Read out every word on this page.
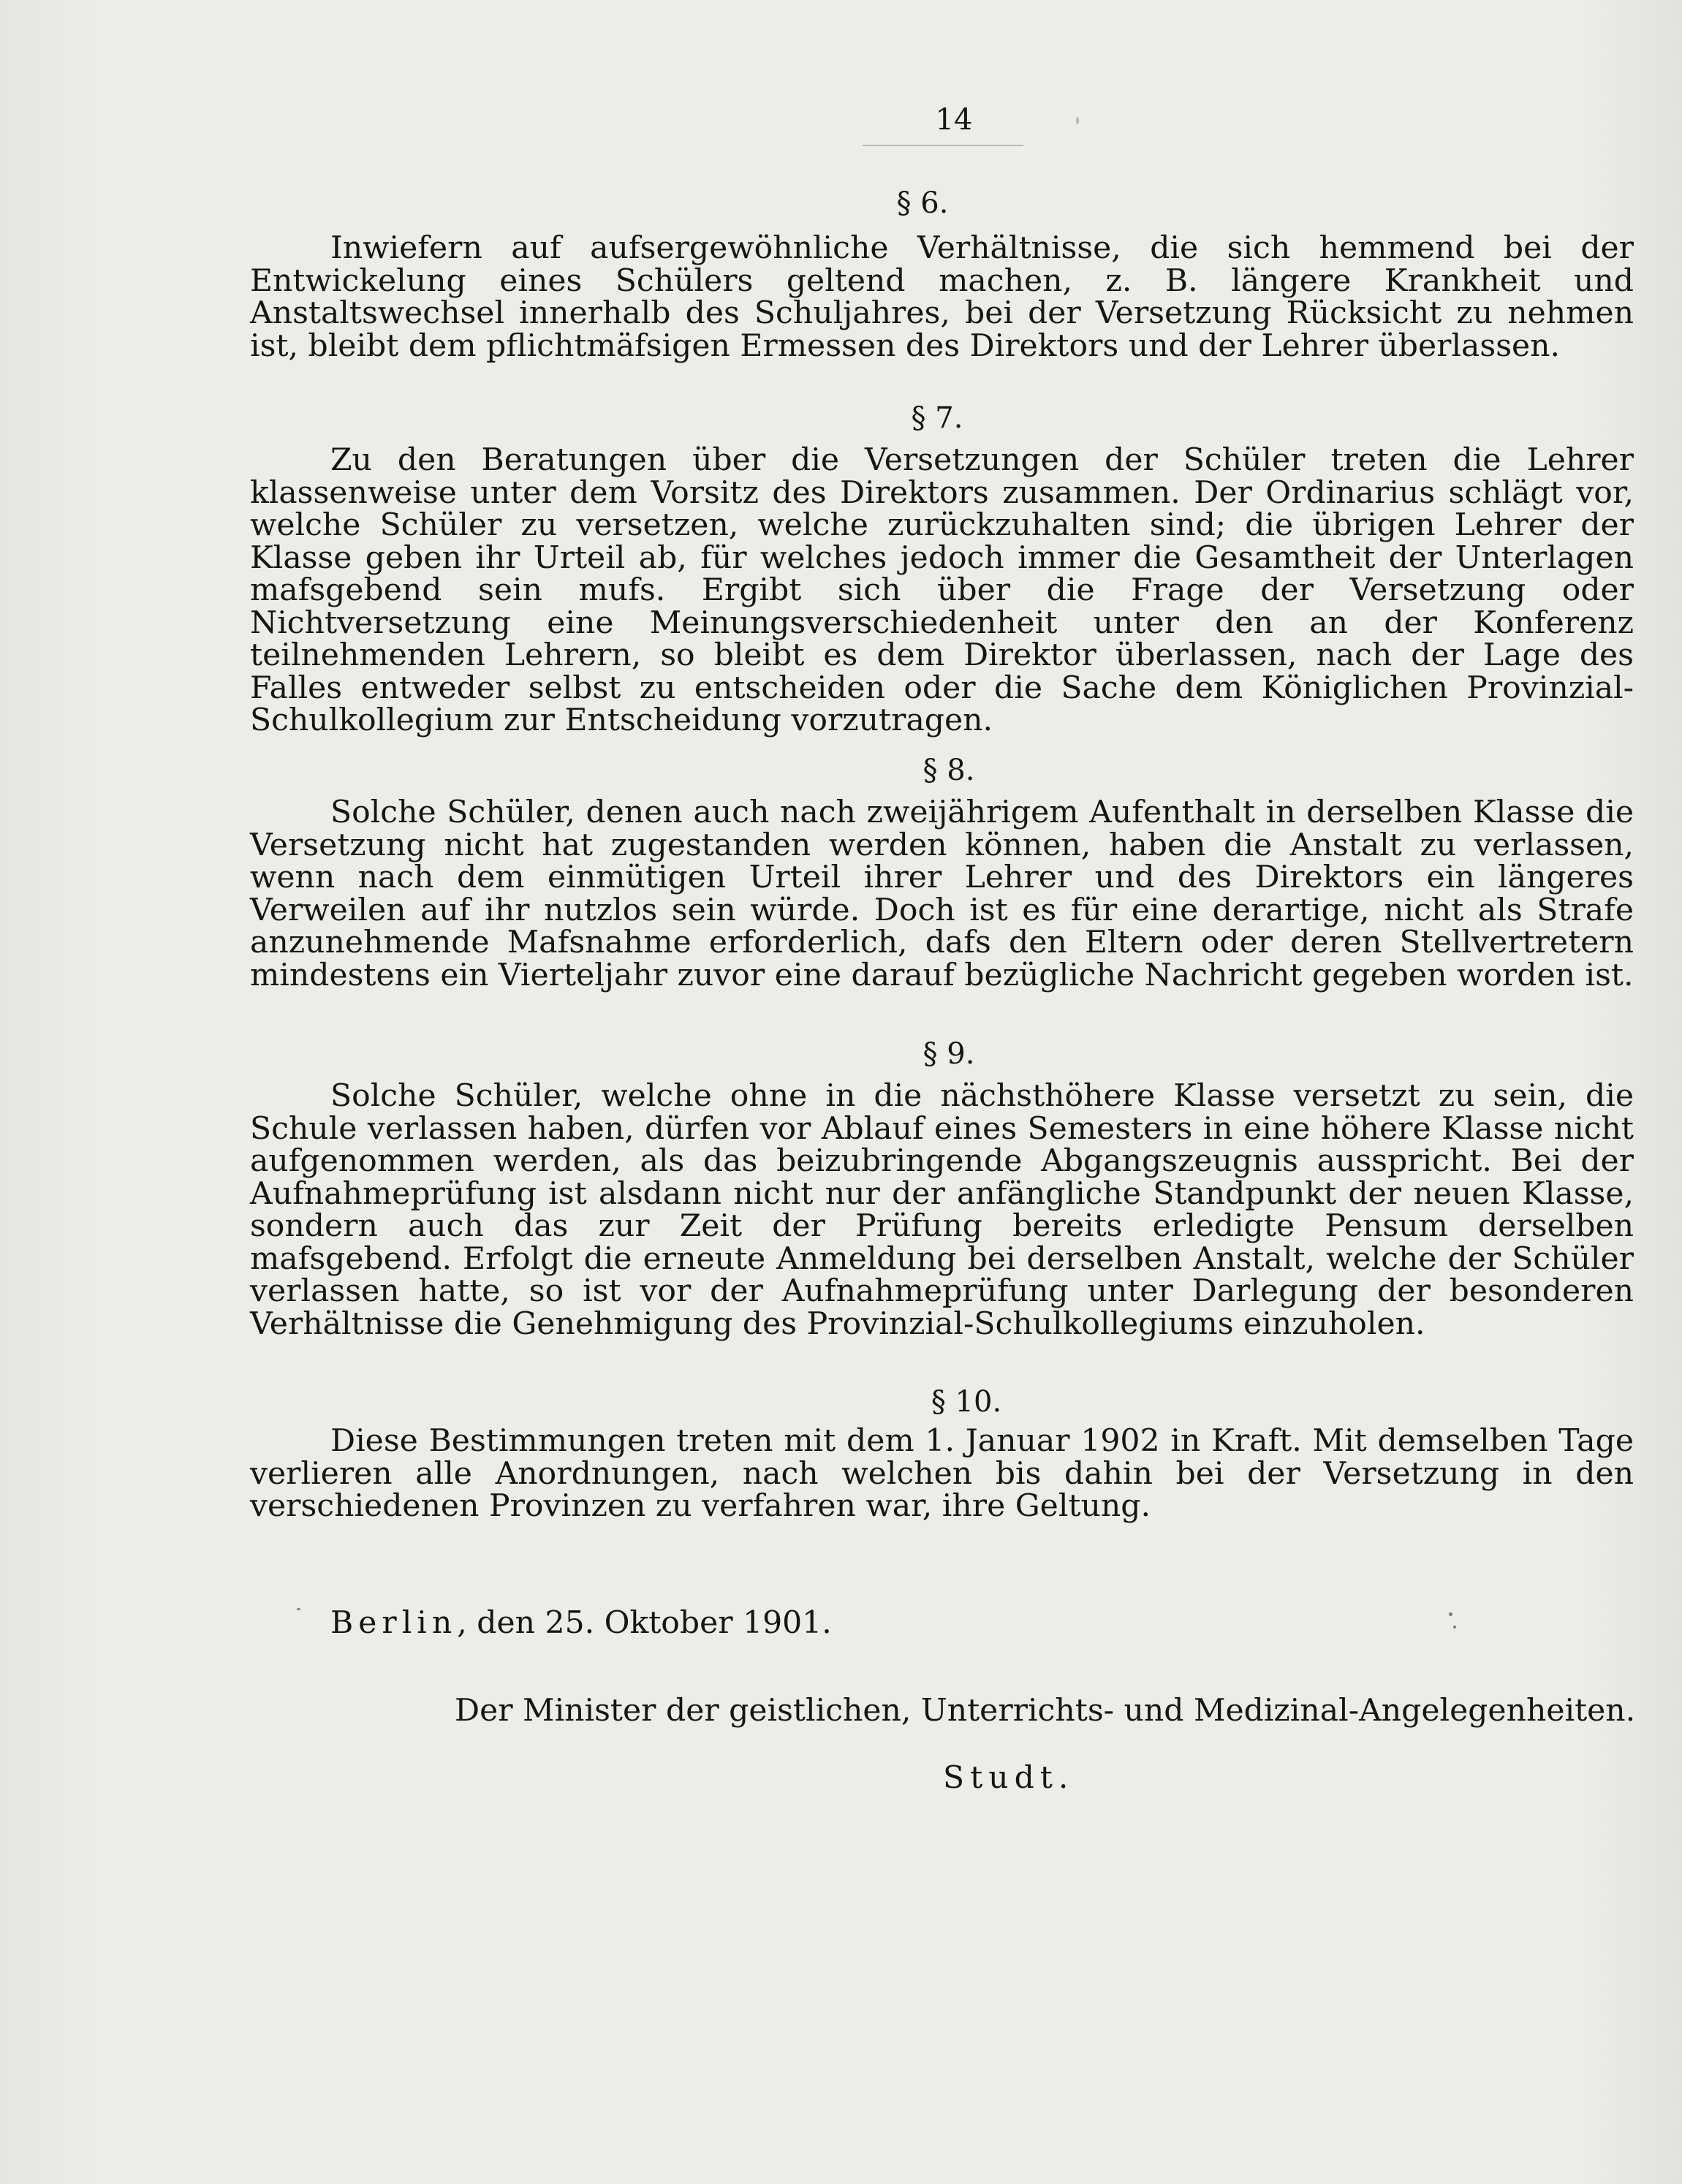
14
§ 6.
Inwiefern auf aufsergewöhnliche Verhältnisse, die sich hemmend bei der Entwickelung eines Schülers geltend machen, z. B. längere Krankheit und Anstaltswechsel innerhalb des Schuljahres, bei der Versetzung Rücksicht zu nehmen ist, bleibt dem pflichtmäfsigen Ermessen des Direktors und der Lehrer überlassen.
§ 7.
Zu den Beratungen über die Versetzungen der Schüler treten die Lehrer klassenweise unter dem Vorsitz des Direktors zusammen. Der Ordinarius schlägt vor, welche Schüler zu versetzen, welche zurückzuhalten sind; die übrigen Lehrer der Klasse geben ihr Urteil ab, für welches jedoch immer die Gesamtheit der Unterlagen mafsgebend sein mufs. Ergibt sich über die Frage der Versetzung oder Nichtversetzung eine Meinungsverschiedenheit unter den an der Konferenz teilnehmenden Lehrern, so bleibt es dem Direktor überlassen, nach der Lage des Falles entweder selbst zu entscheiden oder die Sache dem Königlichen Provinzial-Schulkollegium zur Entscheidung vorzutragen.
§ 8.
Solche Schüler, denen auch nach zweijährigem Aufenthalt in derselben Klasse die Versetzung nicht hat zugestanden werden können, haben die Anstalt zu verlassen, wenn nach dem einmütigen Urteil ihrer Lehrer und des Direktors ein längeres Verweilen auf ihr nutzlos sein würde. Doch ist es für eine derartige, nicht als Strafe anzunehmende Mafsnahme erforderlich, dafs den Eltern oder deren Stellvertretern mindestens ein Vierteljahr zuvor eine darauf bezügliche Nachricht gegeben worden ist.
§ 9.
Solche Schüler, welche ohne in die nächsthöhere Klasse versetzt zu sein, die Schule verlassen haben, dürfen vor Ablauf eines Semesters in eine höhere Klasse nicht aufgenommen werden, als das beizubringende Abgangszeugnis ausspricht. Bei der Aufnahmeprüfung ist alsdann nicht nur der anfängliche Standpunkt der neuen Klasse, sondern auch das zur Zeit der Prüfung bereits erledigte Pensum derselben mafsgebend. Erfolgt die erneute Anmeldung bei derselben Anstalt, welche der Schüler verlassen hatte, so ist vor der Aufnahmeprüfung unter Darlegung der besonderen Verhältnisse die Genehmigung des Provinzial-Schulkollegiums einzuholen.
§ 10.
Diese Bestimmungen treten mit dem 1. Januar 1902 in Kraft. Mit demselben Tage verlieren alle Anordnungen, nach welchen bis dahin bei der Versetzung in den verschiedenen Provinzen zu verfahren war, ihre Geltung.
Berlin, den 25. Oktober 1901.
Der Minister der geistlichen, Unterrichts- und Medizinal-Angelegenheiten.
Studt.
